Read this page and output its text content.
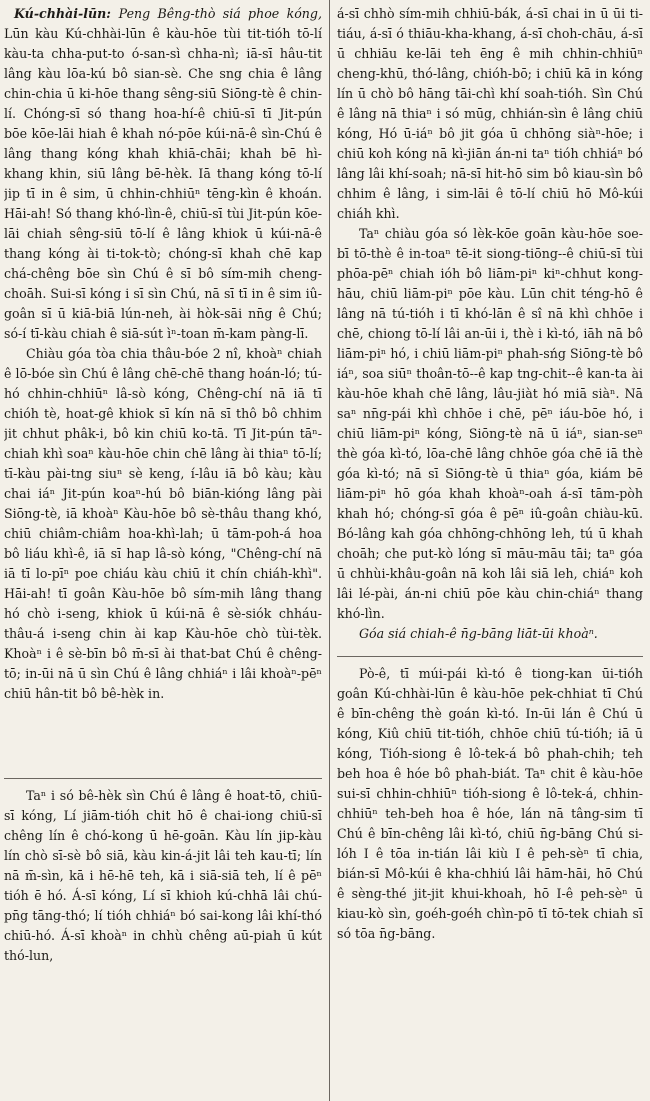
Kú-chhài-lūn: Peng Bêng-thò siá phoe kóng, Lūn kàu Kú-chhài-lūn ê kàu-hōe tùi tit-tióh tō-lí kàu-ta chha-put-to ó-san-sì chha-nì; iā-sī hâu-tit lâng kàu lōa-kú bô sian-sè. Che sng chia ê lâng chin-chia ū ki-hōe thang sêng-siū Siōng-tè ê chin-lí. Chóng-sī só thang hoa-hí-ê chiū-sī tī Jit-pún bōe kōe-lāi hiah ê khah nó-pōe kúi-nā-ê sìn-Chú ê lâng thang kóng khah khiā-chāi; khah bē hì-khang khin, siū lâng bē-hèk. Iā thang kóng tō-lí jip tī in ê sim, ū chhin-chhiūⁿ tēng-kìn ê khoán. Hāi-ah! Só thang khó-lìn-ê, chiū-sī tùi Jit-pún kōe-lāi chiah sêng-siū tō-lí ê lâng khiok ū kúi-nā-ê thang kóng ài ti-tok-tò; chóng-sī khah chē kap chá-chêng bōe sìn Chú ê sī bô sím-mih cheng-choāh. Sui-sī kóng i sī sìn Chú, nā sī tī in ê sim iû-goân sī ū kiā-biā lún-neh, ài hòk-sāi nn̄g ê Chú; só-í tī-kàu chiah ê siā-sút ìⁿ-toan m̄-kam pàng-lī.

Chiàu góa tòa chia thâu-bóe 2 nî, khoàⁿ chiah ê lō-bóe sìn Chú ê lâng chē-chē thang hoán-ló; tú-hó chhin-chhiūⁿ lâ-sò kóng, Chêng-chí nā iā tī chióh tè, hoat-gê khiok sī kín nā sī thô bô chhim jit chhut phâk-i, bô kin chiū ko-tā. Tī Jit-pún tāⁿ-chiah khì soaⁿ kàu-hōe chin chē lâng ài thiaⁿ tō-lí; tī-kàu pài-tng siuⁿ sè keng, í-lâu iā bô kàu; kàu chai iáⁿ Jit-pún koaⁿ-hú bô biān-kióng lâng pài Siōng-tè, iā khoàⁿ Kàu-hōe bô sè-thâu thang khó, chiū chiâm-chiâm hoa-khì-lah; ū tām-poh-á hoa bô liáu khì-ê, iā sī hap lâ-sò kóng, "Chêng-chí nā iā tī lo-pīⁿ poe chiáu kàu chiū it chín chiáh-khì". Hāi-ah! tī goân Kàu-hōe bô sím-mih lâng thang hó chò i-seng, khiok ū kúi-nā ê sè-siók chháu-thâu-á i-seng chin ài kap Kàu-hōe chò tùi-tèk. Khoàⁿ i ê sè-bīn bô m̄-sī ài that-bat Chú ê chêng-tō; in-ūi nā ū sìn Chú ê lâng chhiáⁿ i lâi khoàⁿ-pēⁿ chiū hân-tit bô bê-hèk in.

Taⁿ i só bê-hèk sìn Chú ê lâng ê hoat-tō, chiū-sī kóng, Lí jiām-tióh chit hō ê chai-iong chiū-sī chêng lín ê chó-kong ū hē-goān. Kàu lín jip-kàu lín chò sī-sè bô siā, kàu kin-á-jit lâi teh kau-tī; lín nā m̄-sìn, kā i hē-hē teh, kā i siā-siā teh, lí ê pēⁿ tióh ē hó. Á-sī kóng, Lí sī khioh kú-chhā lâi chú-pn̄g tāng-thó; lí tióh chhiáⁿ bó sai-kong lâi khí-thó chiū-hó. Á-sī khoàⁿ in chhù chêng aū-piah ū kút thó-lun,

á-sī chhò sím-mih chhiū-bák, á-sī chai in ū ūi ti-tiáu, á-sī ó thiāu-kha-khang, á-sī choh-chāu, á-sī ū chhiāu ke-lāi teh ēng ê mih chhin-chhiūⁿ cheng-khū, thó-lâng, chióh-bō; i chiū kā in kóng lín ū chò bô hāng tāi-chì khí soah-tióh. Sìn Chú ê lâng nā thiaⁿ i só mūg, chhián-sìn ê lâng chiū kóng, Hó ū-iáⁿ bô jit góa ū chhōng siàⁿ-hōe; i chiū koh kóng nā kì-jiān án-ni taⁿ tióh chhiáⁿ bó lâng lâi khí-soah; nā-sī hit-hō sim bô kiau-sìn bô chhim ê lâng, i sim-lāi ê tō-lí chiū hō Mô-kúi chiáh khì.

Taⁿ chiàu góa só lèk-kōe goān kàu-hōe soe-bī tō-thè ê in-toaⁿ tē-it siong-tiōng--ê chiū-sī tùi phōa-pēⁿ chiah ióh bô liām-piⁿ kiⁿ-chhut kong-hāu, chiū liām-piⁿ pōe kàu. Lūn chit téng-hō ê lâng nā tú-tióh i tī khó-lān ê sî nā khì chhōe i chē, chiong tō-lí lâi an-ūi i, thè i kì-tó, iāh nā bô liām-piⁿ hó, i chiū liām-piⁿ phah-sńg Siōng-tè bô iáⁿ, soa siūⁿ thoân-tō--ê kap tng-chit--ê kan-ta ài kàu-hōe khah chē lâng, lâu-jiàt hó miā siàⁿ. Nā saⁿ nn̄g-pái khì chhōe i chē, pēⁿ iáu-bōe hó, i chiū liām-piⁿ kóng, Siōng-tè nā ū iáⁿ, sian-seⁿ thè góa kì-tó, lōa-chē lâng chhōe góa chē iā thè góa kì-tó; nā sī Siōng-tè ū thiaⁿ góa, kiám bē liām-piⁿ hō góa khah khoàⁿ-oah á-sī tām-pòh khah hó; chóng-sī góa ê pēⁿ iû-goân chiàu-kū. Bó-lâng kah góa chhōng-chhōng leh, tú ū khah choāh; che put-kò lóng sī māu-māu tāi; taⁿ góa ū chhùi-khâu-goân nā koh lâi siā leh, chiáⁿ koh lâi lé-pài, án-ni chiū pōe kàu chin-chiáⁿ thang khó-lìn.

Góa siá chiah-ê n̄g-bāng liāt-ūi khoàⁿ.

Pò-ê, tī múi-pái kì-tó ê tiong-kan ūi-tióh goân Kú-chhài-lūn ê kàu-hōe pek-chhiat tī Chú ê bīn-chêng thè goán kì-tó. In-ūi lán ê Chú ū kóng, Kiû chiū tit-tióh, chhōe chiū tú-tióh; iā ū kóng, Tióh-siong ê lô-tek-á bô phah-chih; teh beh hoa ê hóe bô phah-biát. Taⁿ chit ê kàu-hōe sui-sī chhin-chhiūⁿ tióh-siong ê lô-tek-á, chhin-chhiūⁿ teh-beh hoa ê hóe, lán nā tâng-sim tī Chú ê bīn-chêng lâi kì-tó, chiū n̄g-bāng Chú si-lóh I ê tōa in-tián lâi kiù I ê peh-sèⁿ tī chia, bián-sī Mô-kúi ê kha-chhiú lâi hām-hāi, hō Chú ê sèng-thé jit-jit khui-khoah, hō I-ê peh-sèⁿ ū kiau-kò sìn, goéh-goéh chìn-pō tī tō-tek chiah sī só tōa n̄g-bāng.
